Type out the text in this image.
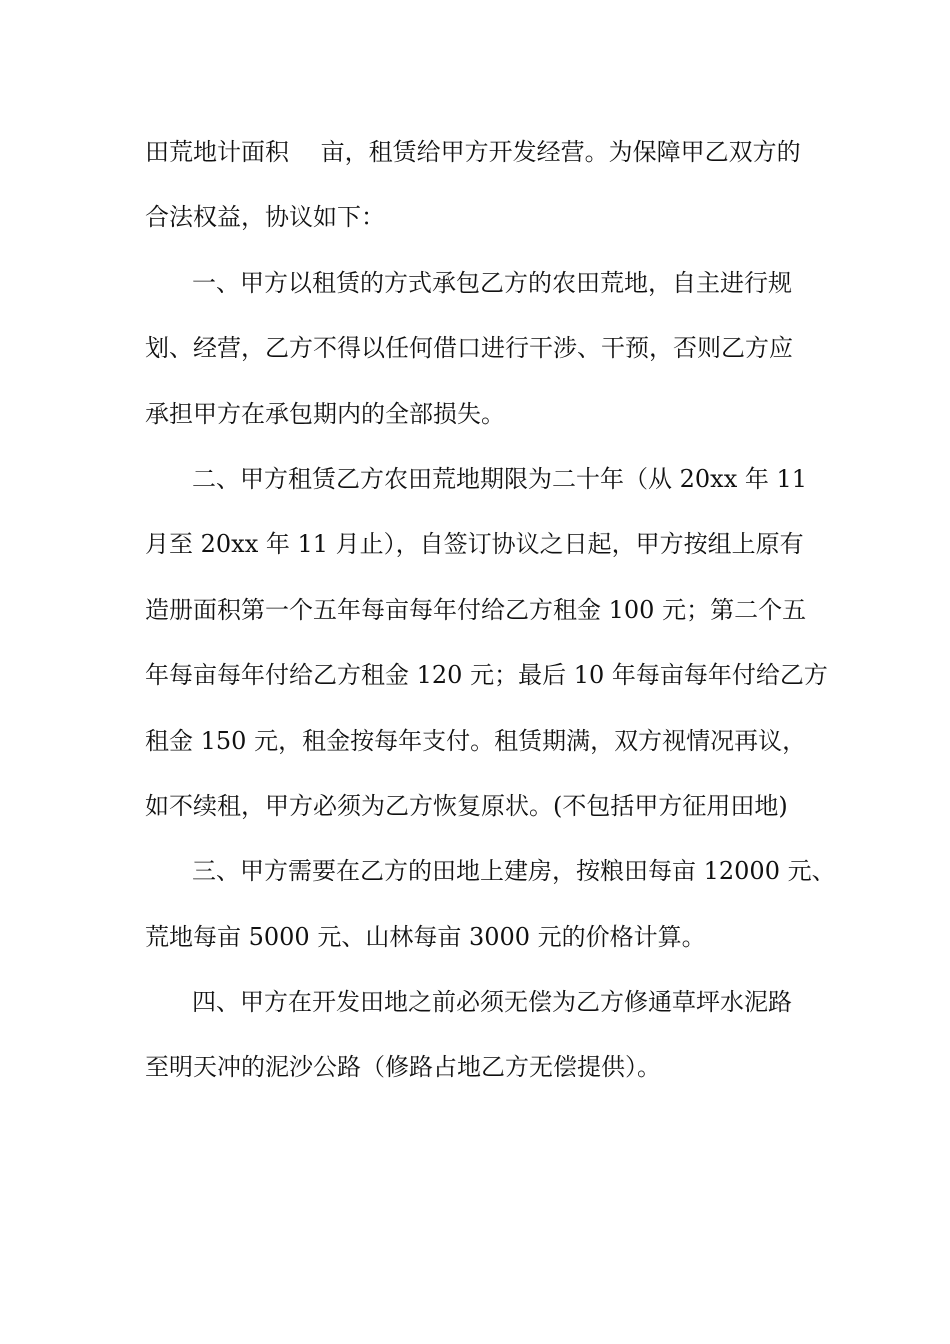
田荒地计面积　 亩，租赁给甲方开发经营。为保障甲乙双方的
合法权益，协议如下：
一、甲方以租赁的方式承包乙方的农田荒地，自主进行规
划、经营，乙方不得以任何借口进行干涉、干预，否则乙方应
承担甲方在承包期内的全部损失。
二、甲方租赁乙方农田荒地期限为二十年（从 20xx 年 11
月至 20xx 年 11 月止），自签订协议之日起，甲方按组上原有
造册面积第一个五年每亩每年付给乙方租金 100 元；第二个五
年每亩每年付给乙方租金 120 元；最后 10 年每亩每年付给乙方
租金 150 元，租金按每年支付。租赁期满，双方视情况再议，
如不续租，甲方必须为乙方恢复原状。(不包括甲方征用田地)
三、甲方需要在乙方的田地上建房，按粮田每亩 12000 元、
荒地每亩 5000 元、山林每亩 3000 元的价格计算。
四、甲方在开发田地之前必须无偿为乙方修通草坪水泥路
至明天冲的泥沙公路（修路占地乙方无偿提供）。
